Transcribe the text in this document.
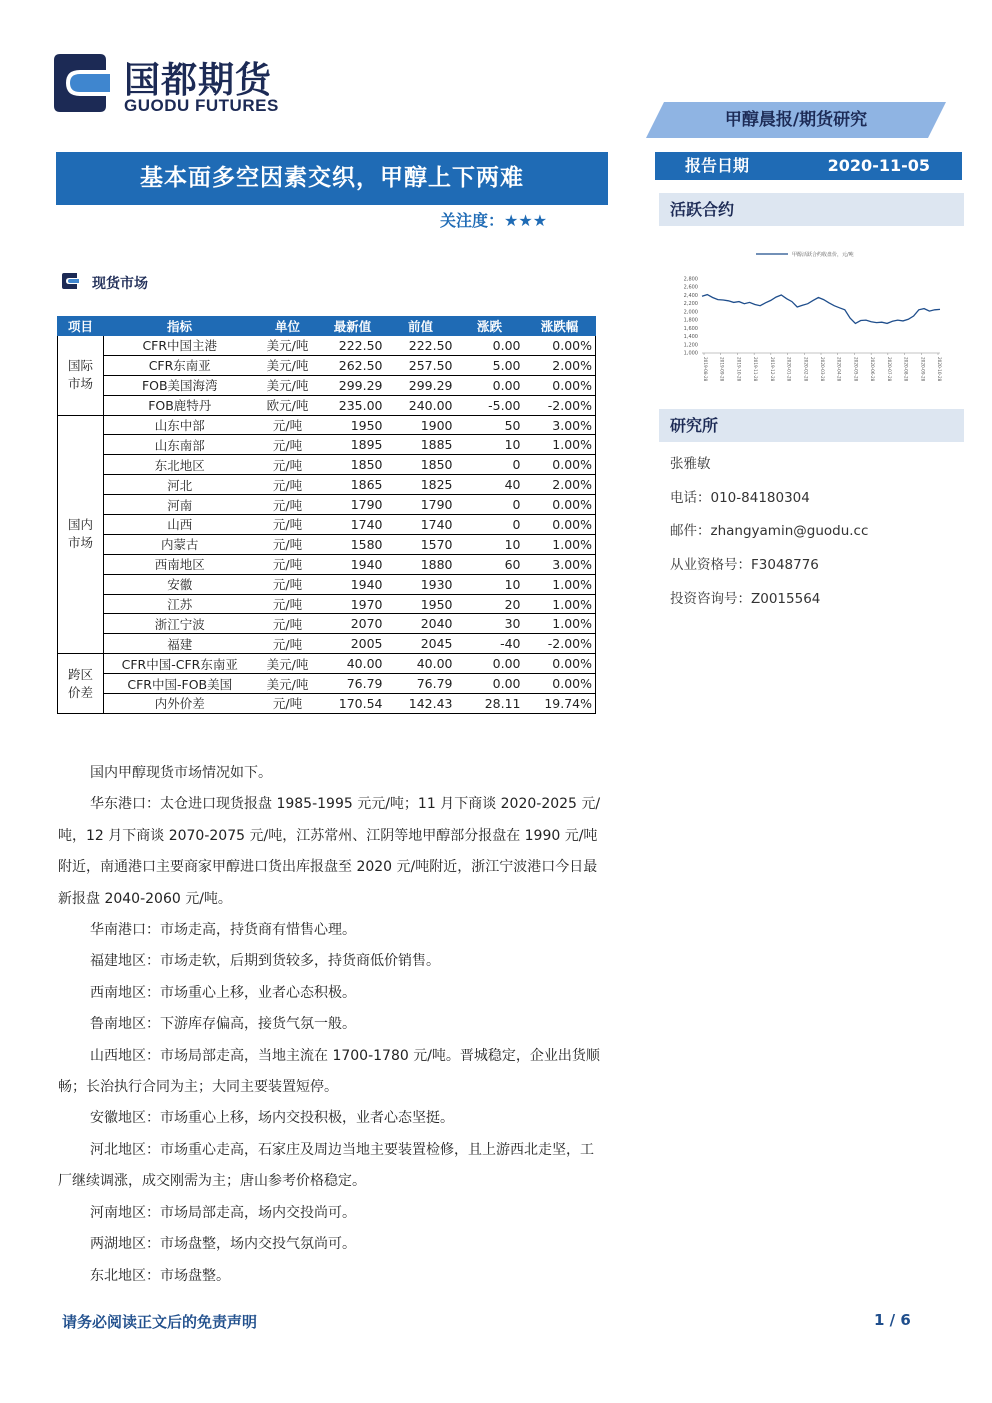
国都期货
GUODU FUTURES
甲醇晨报/期货研究
基本面多空因素交织，甲醇上下两难
关注度：★★★
报告日期	2020-11-05
活跃合约
甲醇活跃合约收盘价，元/吨
2,800
2,600
2,400
2,200
2,000
1,800
1,600
1,400
1,200
1,000
2019-08-28	2019-09-28	2019-10-28	2019-11-28	2019-12-28	2020-01-28	2020-02-28	2020-03-28	2020-04-28	2020-05-28	2020-06-28	2020-07-28	2020-08-28	2020-09-28	2020-10-28
研究所
张雅敏
电话：010-84180304
邮件：zhangyamin@guodu.cc
从业资格号：F3048776
投资咨询号：Z0015564
现货市场
项目	指标	单位	最新值	前值	涨跌	涨跌幅

国际市场	CFR中国主港	美元/吨	222.50	222.50	0.00	0.00%
	CFR东南亚	美元/吨	262.50	257.50	5.00	2.00%
	FOB美国海湾	美元/吨	299.29	299.29	0.00	0.00%
	FOB鹿特丹	欧元/吨	235.00	240.00	-5.00	-2.00%

国内市场	山东中部	元/吨	1950	1900	50	3.00%
	山东南部	元/吨	1895	1885	10	1.00%
	东北地区	元/吨	1850	1850	0	0.00%
	河北	元/吨	1865	1825	40	2.00%
	河南	元/吨	1790	1790	0	0.00%
	山西	元/吨	1740	1740	0	0.00%
	内蒙古	元/吨	1580	1570	10	1.00%
	西南地区	元/吨	1940	1880	60	3.00%
	安徽	元/吨	1940	1930	10	1.00%
	江苏	元/吨	1970	1950	20	1.00%
	浙江宁波	元/吨	2070	2040	30	1.00%
	福建	元/吨	2005	2045	-40	-2.00%

跨区价差	CFR中国-CFR东南亚	美元/吨	40.00	40.00	0.00	0.00%
	CFR中国-FOB美国	美元/吨	76.79	76.79	0.00	0.00%
	内外价差	元/吨	170.54	142.43	28.11	19.74%

国内甲醇现货市场情况如下。

华东港口：太仓进口现货报盘 1985-1995 元元/吨；11 月下商谈 2020-2025 元/吨，12 月下商谈 2070-2075 元/吨，江苏常州、江阴等地甲醇部分报盘在 1990 元/吨附近，南通港口主要商家甲醇进口货出库报盘至 2020 元/吨附近，浙江宁波港口今日最新报盘 2040-2060 元/吨。

华南港口：市场走高，持货商有惜售心理。

福建地区：市场走软，后期到货较多，持货商低价销售。

西南地区：市场重心上移，业者心态积极。

鲁南地区：下游库存偏高，接货气氛一般。

山西地区：市场局部走高，当地主流在 1700-1780 元/吨。晋城稳定，企业出货顺畅；长治执行合同为主；大同主要装置短停。

安徽地区：市场重心上移，场内交投积极，业者心态坚挺。

河北地区：市场重心走高，石家庄及周边当地主要装置检修，且上游西北走坚，工厂继续调涨，成交刚需为主；唐山参考价格稳定。

河南地区：市场局部走高，场内交投尚可。

两湖地区：市场盘整，场内交投气氛尚可。

东北地区：市场盘整。

请务必阅读正文后的免责声明	1 / 6
